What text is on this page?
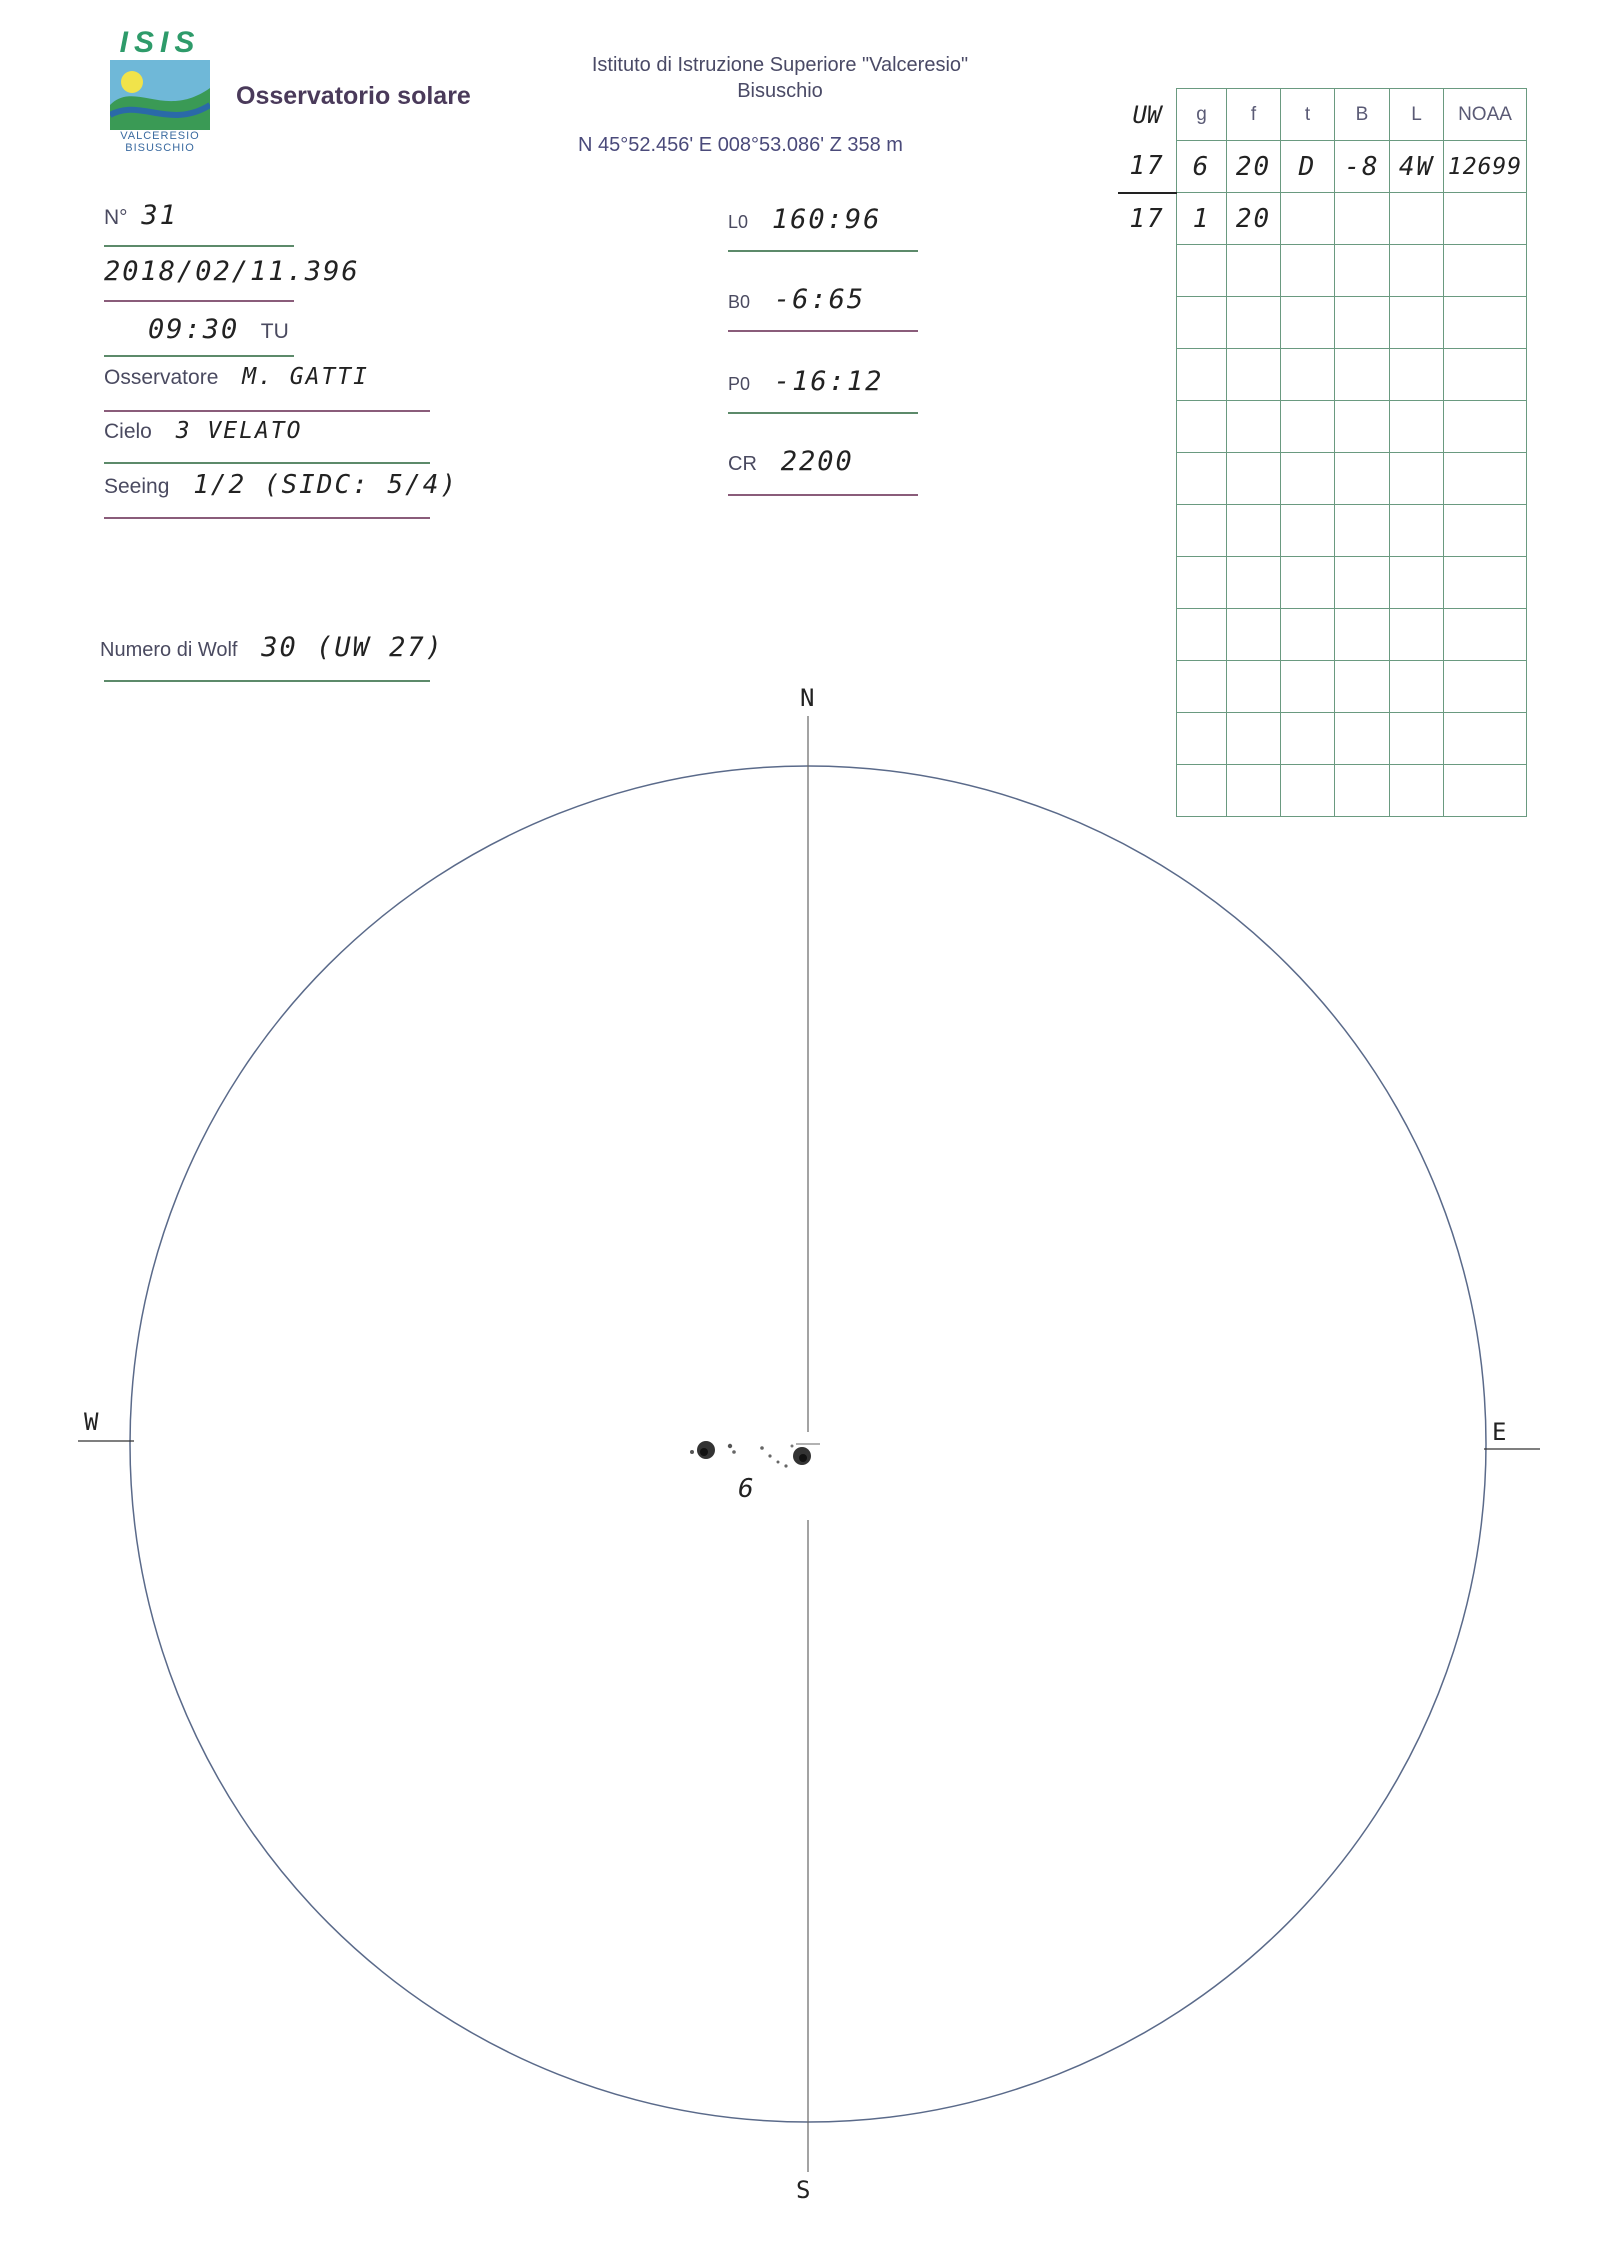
ISIS
VALCERESIO
BISUSCHIO
Osservatorio solare
Istituto di Istruzione Superiore "Valceresio"
Bisuschio
N 45°52.456' E 008°53.086' Z 358 m
N° 31
2018/02/11.396
09:30 TU
Osservatore M. GATTI
Cielo 3 VELATO
Seeing 1/2 (SIDC: 5/4)
Numero di Wolf 30 (UW 27)
L0 160:96
B0 -6:65
P0 -16:12
CR 2200
UW	g	f	t	B	L	NOAA
17	6	20	D	-8	4W	12699
17	1	20				

N
S
W	E
6
